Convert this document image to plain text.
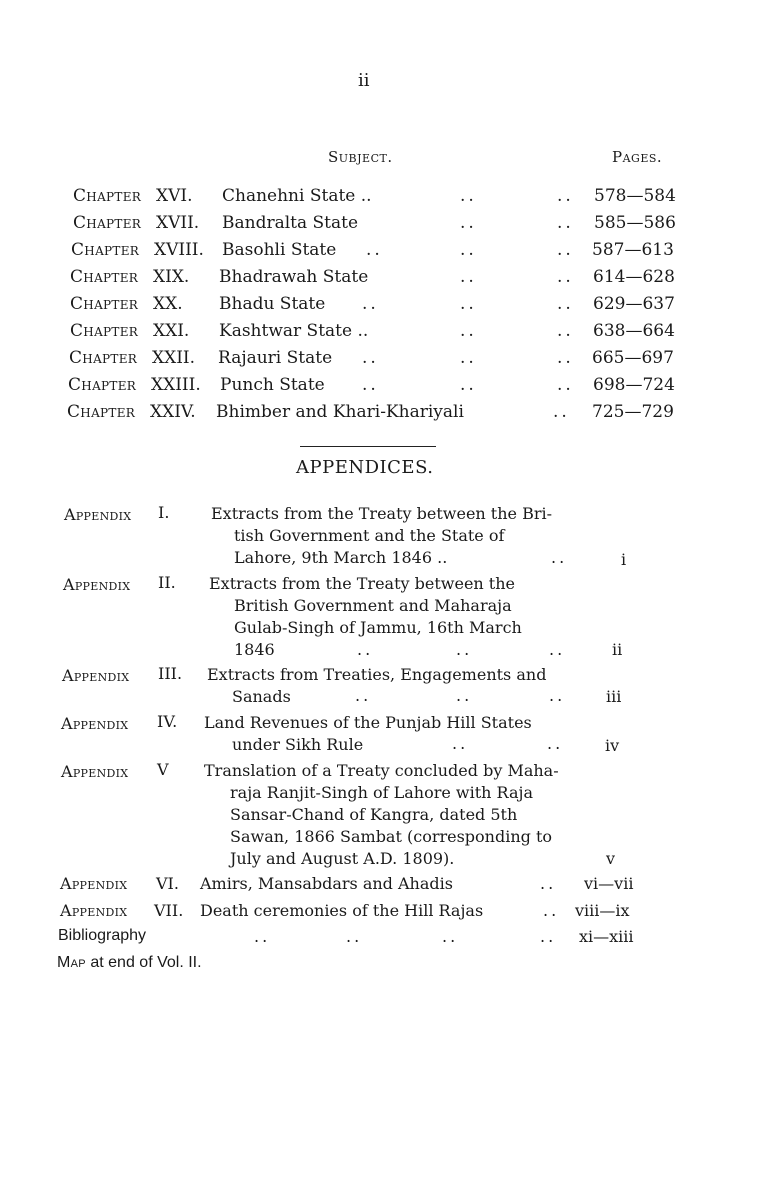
ii
Subject.	Pages.
Chapter XVI. Chanehni State ..	..	.. 578—584
Chapter XVII. Bandralta State	..	.. 585—586
Chapter XVIII. Basohli State ..	..	.. 587—613
Chapter XIX. Bhadrawah State	..	.. 614—628
Chapter XX. Bhadu State ..	..	.. 629—637
Chapter XXI. Kashtwar State ..	..	.. 638—664
Chapter XXII. Rajauri State ..	..	.. 665—697
Chapter XXIII. Punch State ..	..	.. 698—724
Chapter XXIV. Bhimber and Khari-Khariyali	.. 725—729
APPENDICES.
Appendix I.	Extracts from the Treaty between the Bri-
tish Government and the State of
Lahore, 9th March 1846 ..	..	i
Appendix II. Extracts from the Treaty between the
British Government and Maharaja
Gulab-Singh of Jammu, 16th March
1846	..	..	..	ii
Appendix III. Extracts from Treaties, Engagements and
Sanads	..	..	..	iii
Appendix IV. Land Revenues of the Punjab Hill States
under Sikh Rule	..	..	iv
Appendix V Translation of a Treaty concluded by Maha-
raja Ranjit-Singh of Lahore with Raja
Sansar-Chand of Kangra, dated 5th
Sawan, 1866 Sambat (corresponding to
July and August A.D. 1809).	v
Appendix VI. Amirs, Mansabdars and Ahadis	.. vi—vii
Appendix VII. Death ceremonies of the Hill Rajas	.. viii—ix
Bibliography	..	..	..	.. xi—xiii
Map at end of Vol. II.
